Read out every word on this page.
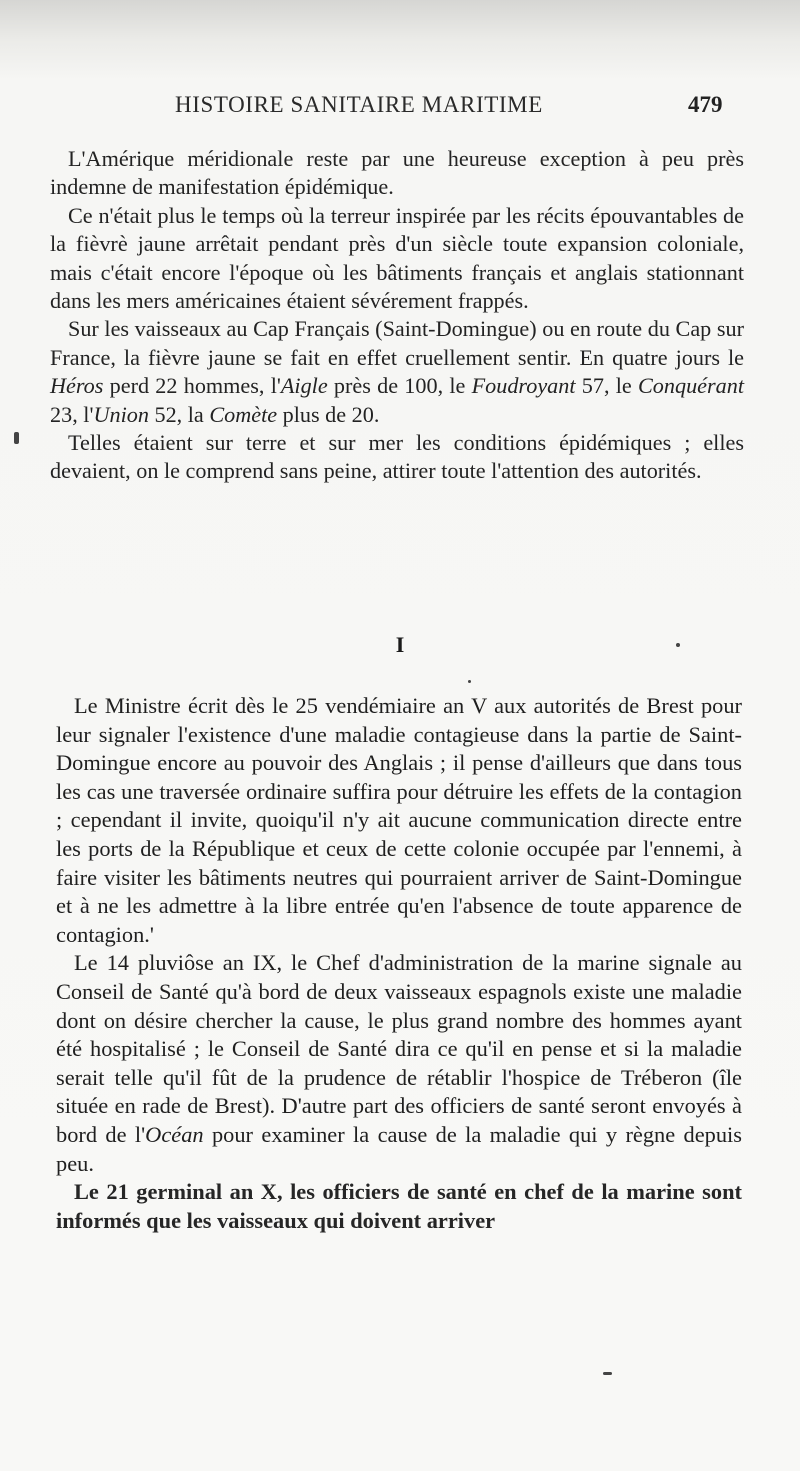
HISTOIRE SANITAIRE MARITIME	479

L'Amérique méridionale reste par une heureuse exception à peu près indemne de manifestation épidémique.

Ce n'était plus le temps où la terreur inspirée par les récits épouvantables de la fièvrè jaune arrêtait pendant près d'un siècle toute expansion coloniale, mais c'était encore l'époque où les bâtiments français et anglais stationnant dans les mers américaines étaient sévérement frappés.

Sur les vaisseaux au Cap Français (Saint-Domingue) ou en route du Cap sur France, la fièvre jaune se fait en effet cruellement sentir. En quatre jours le Héros perd 22 hommes, l'Aigle près de 100, le Foudroyant 57, le Conquérant 23, l'Union 52, la Comète plus de 20.

Telles étaient sur terre et sur mer les conditions épidémiques ; elles devaient, on le comprend sans peine, attirer toute l'attention des autorités.

I

Le Ministre écrit dès le 25 vendémiaire an V aux autorités de Brest pour leur signaler l'existence d'une maladie contagieuse dans la partie de Saint-Domingue encore au pouvoir des Anglais ; il pense d'ailleurs que dans tous les cas une traversée ordinaire suffira pour détruire les effets de la contagion ; cependant il invite, quoiqu'il n'y ait aucune communication directe entre les ports de la République et ceux de cette colonie occupée par l'ennemi, à faire visiter les bâtiments neutres qui pourraient arriver de Saint-Domingue et à ne les admettre à la libre entrée qu'en l'absence de toute apparence de contagion.'

Le 14 pluviôse an IX, le Chef d'administration de la marine signale au Conseil de Santé qu'à bord de deux vaisseaux espagnols existe une maladie dont on désire chercher la cause, le plus grand nombre des hommes ayant été hospitalisé ; le Conseil de Santé dira ce qu'il en pense et si la maladie serait telle qu'il fût de la prudence de rétablir l'hospice de Tréberon (île située en rade de Brest). D'autre part des officiers de santé seront envoyés à bord de l'Océan pour examiner la cause de la maladie qui y règne depuis peu.

Le 21 germinal an X, les officiers de santé en chef de la marine sont informés que les vaisseaux qui doivent arriver
